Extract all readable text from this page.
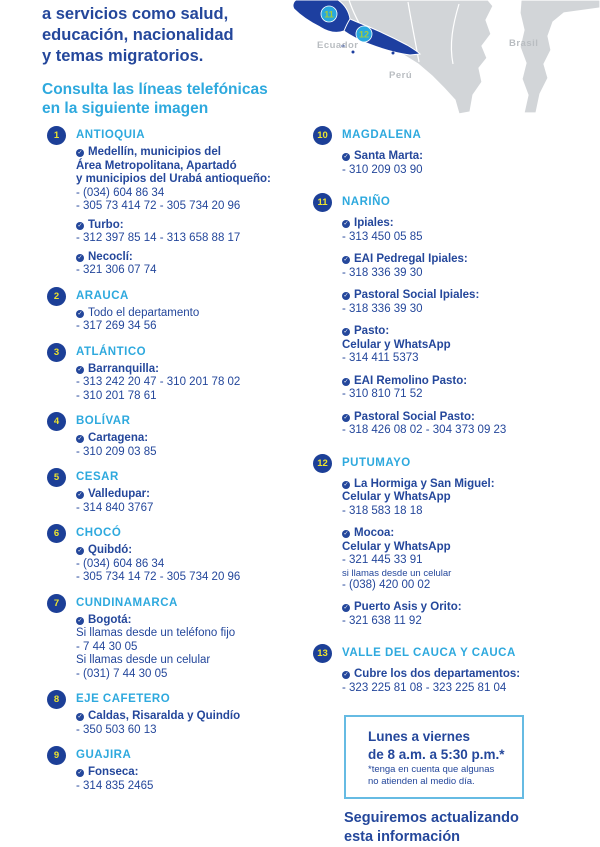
a servicios como salud,
educación, nacionalidad
y temas migratorios.
Consulta las líneas telefónicas
en la siguiente imagen
11
12
Ecuador
Perú
Brasil
1	ANTIOQUIA
✓Medellín, municipios del
Área Metropolitana, Apartadó
y municipios del Urabá antioqueño:
- (034) 604 86 34
- 305 73 414 72 - 305 734 20 96
✓Turbo:
- 312 397 85 14 - 313 658 88 17
✓Necoclí:
- 321 306 07 74
2	ARAUCA
✓Todo el departamento
- 317 269 34 56
3	ATLÁNTICO
✓Barranquilla:
- 313 242 20 47 - 310 201 78 02
- 310 201 78 61
4	BOLÍVAR
✓Cartagena:
- 310 209 03 85
5	CESAR
✓Valledupar:
- 314 840 3767
6	CHOCÓ
✓Quibdó:
- (034) 604 86 34
- 305 734 14 72 - 305 734 20 96
7	CUNDINAMARCA
✓Bogotá:
Si llamas desde un teléfono fijo
- 7 44 30 05
Si llamas desde un celular
- (031) 7 44 30 05
8	EJE CAFETERO
✓Caldas, Risaralda y Quindío
- 350 503 60 13
9	GUAJIRA
✓Fonseca:
- 314 835 2465
10	MAGDALENA
✓Santa Marta:
- 310 209 03 90
11	NARIÑO
✓Ipiales:
- 313 450 05 85
✓EAI Pedregal Ipiales:
- 318 336 39 30
✓Pastoral Social Ipiales:
- 318 336 39 30
✓Pasto:
Celular y WhatsApp
- 314 411 5373
✓EAI Remolino Pasto:
- 310 810 71 52
✓Pastoral Social Pasto:
- 318 426 08 02 - 304 373 09 23
12	PUTUMAYO
✓La Hormiga y San Miguel:
Celular y WhatsApp
- 318 583 18 18
✓Mocoa:
Celular y WhatsApp
- 321 445 33 91
si llamas desde un celular
- (038) 420 00 02
✓Puerto Asis y Orito:
- 321 638 11 92
13	VALLE DEL CAUCA Y CAUCA
✓Cubre los dos departamentos:
- 323 225 81 08 - 323 225 81 04
Lunes a viernes
de 8 a.m. a 5:30 p.m.*
*tenga en cuenta que algunas
no atienden al medio día.
Seguiremos actualizando
esta información
